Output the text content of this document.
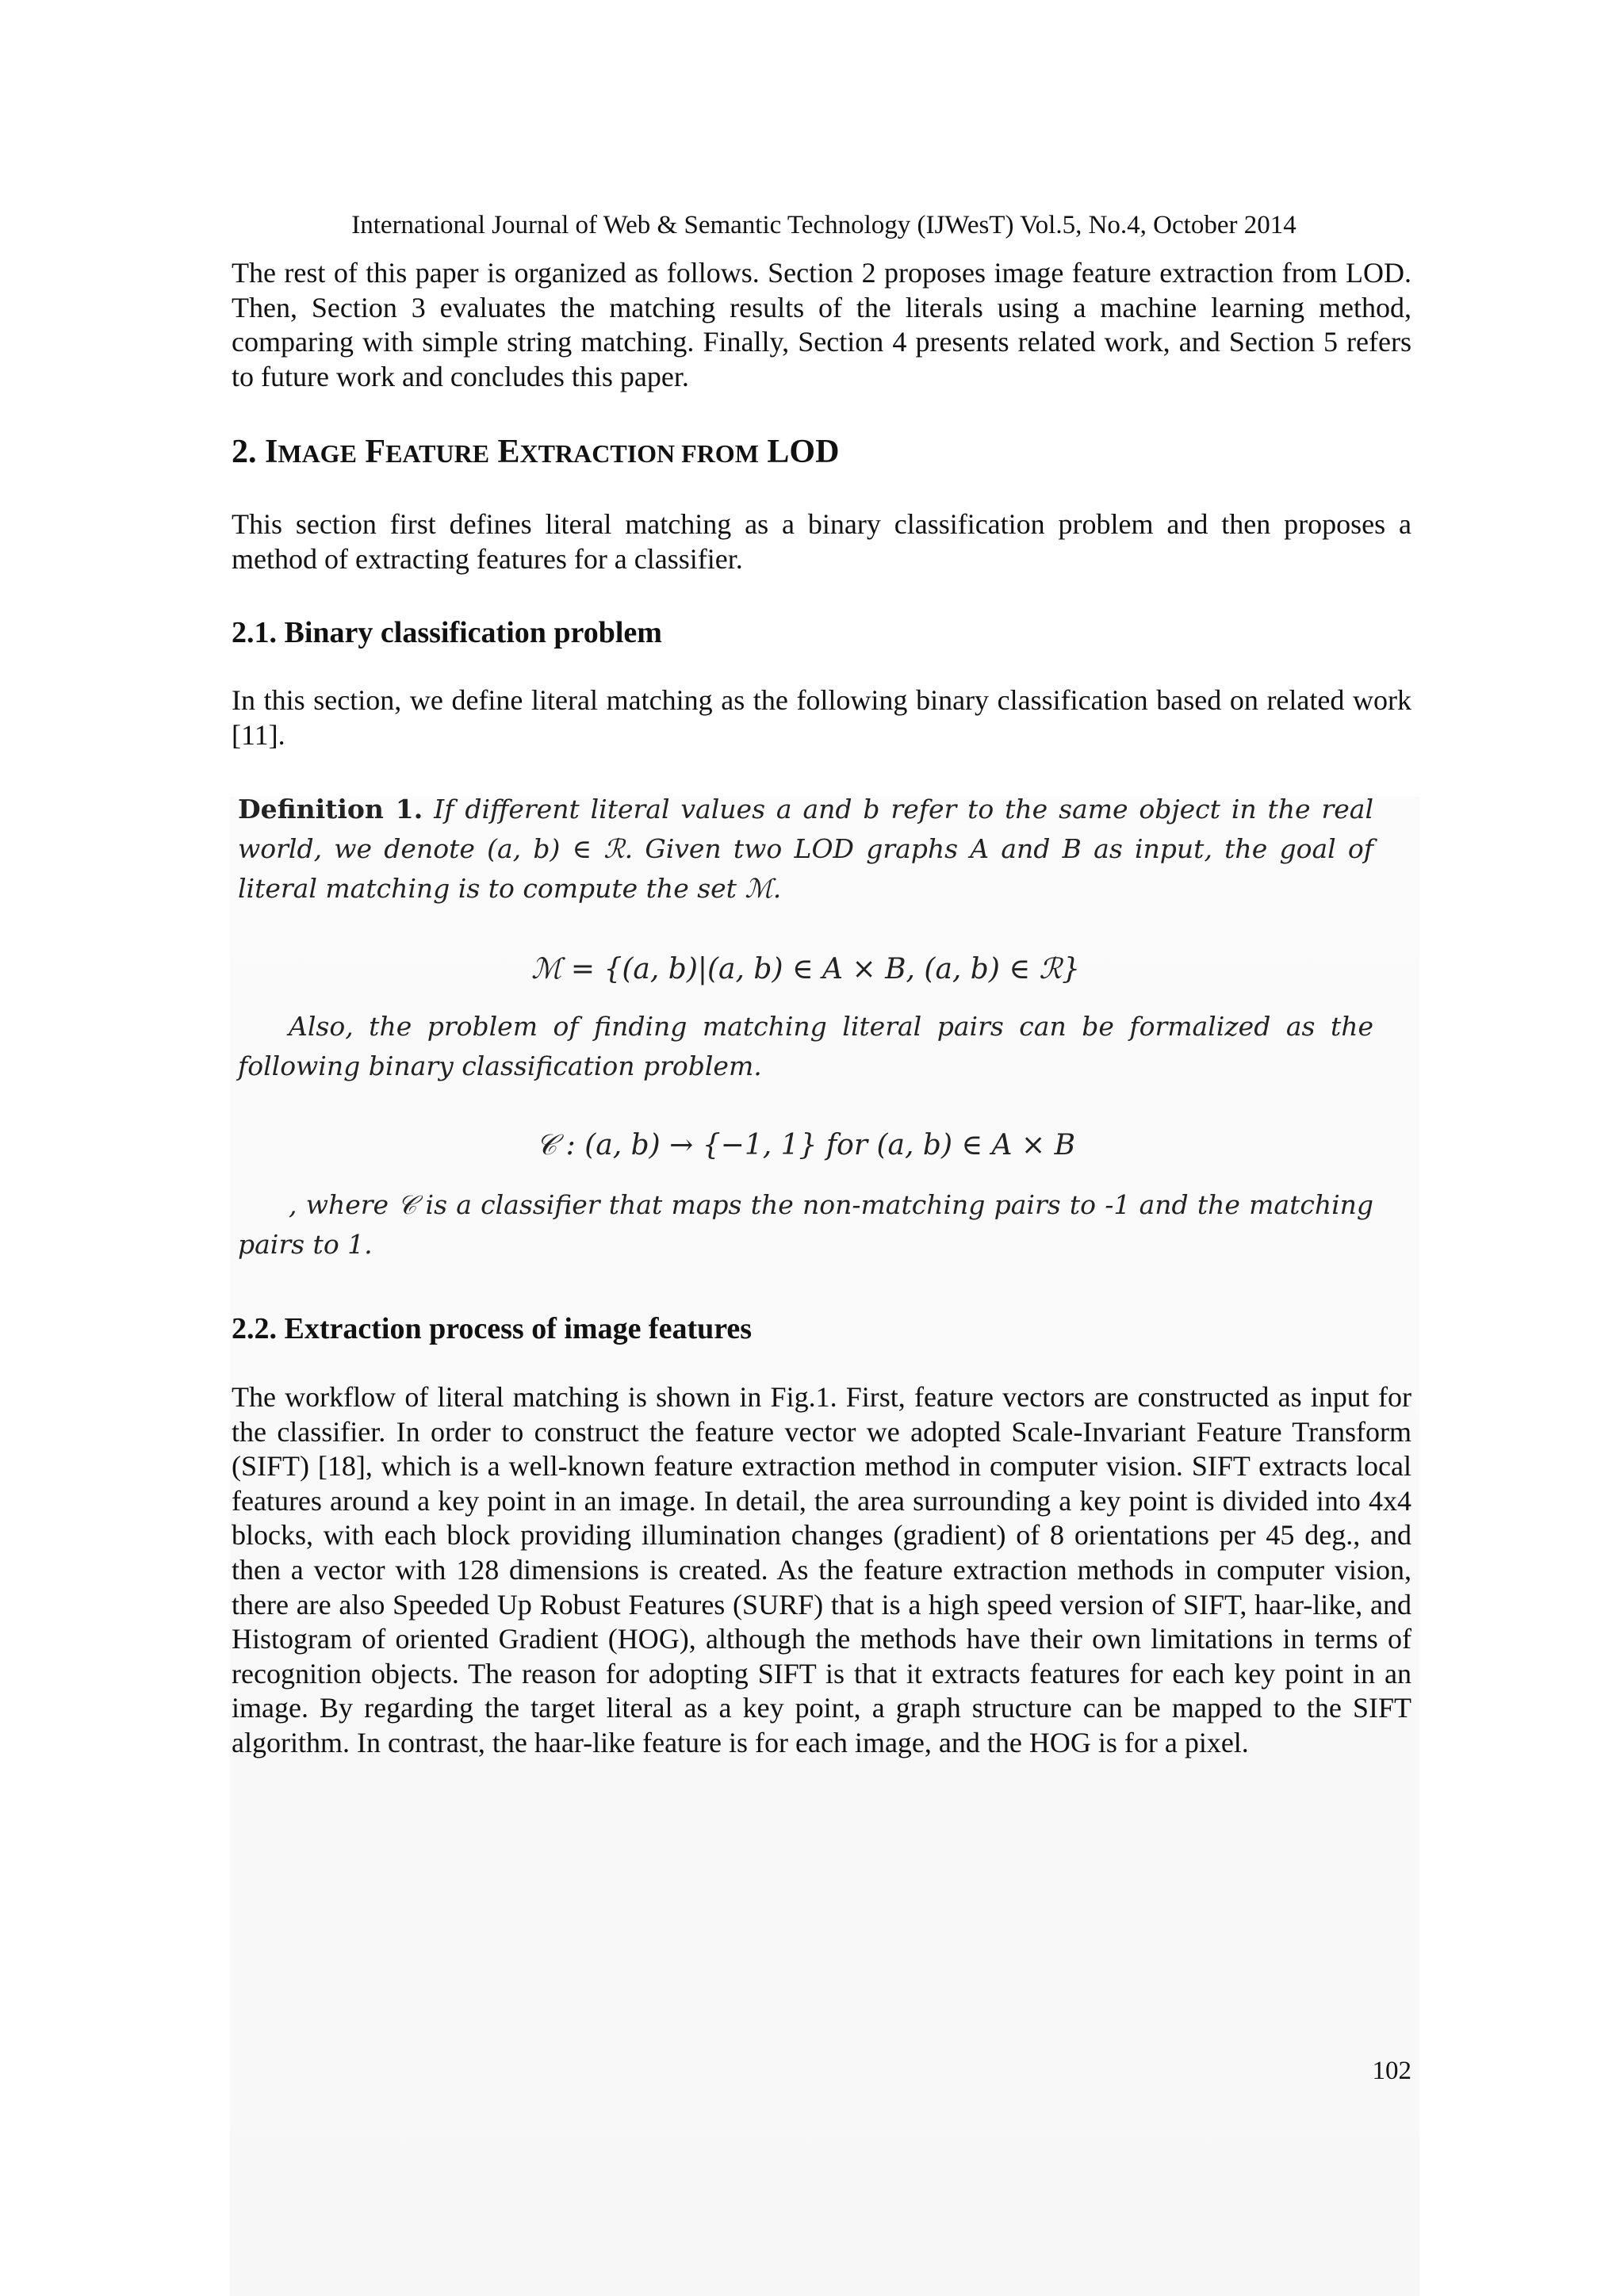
International Journal of Web & Semantic Technology (IJWesT) Vol.5, No.4, October 2014

The rest of this paper is organized as follows. Section 2 proposes image feature extraction from LOD. Then, Section 3 evaluates the matching results of the literals using a machine learning method, comparing with simple string matching. Finally, Section 4 presents related work, and Section 5 refers to future work and concludes this paper.

2. IMAGE FEATURE EXTRACTION FROM LOD

This section first defines literal matching as a binary classification problem and then proposes a method of extracting features for a classifier.

2.1. Binary classification problem

In this section, we define literal matching as the following binary classification based on related work [11].

Definition 1. If different literal values a and b refer to the same object in the real world, we denote (a, b) ∈ ℛ. Given two LOD graphs A and B as input, the goal of literal matching is to compute the set ℳ.
ℳ = {(a, b)|(a, b) ∈ A × B, (a, b) ∈ ℛ}
Also, the problem of finding matching literal pairs can be formalized as the following binary classification problem.
𝒞 : (a, b) → {−1, 1} for (a, b) ∈ A × B
, where 𝒞 is a classifier that maps the non-matching pairs to -1 and the matching pairs to 1.
2.2. Extraction process of image features

The workflow of literal matching is shown in Fig.1. First, feature vectors are constructed as input for the classifier. In order to construct the feature vector we adopted Scale-Invariant Feature Transform (SIFT) [18], which is a well-known feature extraction method in computer vision. SIFT extracts local features around a key point in an image. In detail, the area surrounding a key point is divided into 4x4 blocks, with each block providing illumination changes (gradient) of 8 orientations per 45 deg., and then a vector with 128 dimensions is created. As the feature extraction methods in computer vision, there are also Speeded Up Robust Features (SURF) that is a high speed version of SIFT, haar-like, and Histogram of oriented Gradient (HOG), although the methods have their own limitations in terms of recognition objects. The reason for adopting SIFT is that it extracts features for each key point in an image. By regarding the target literal as a key point, a graph structure can be mapped to the SIFT algorithm. In contrast, the haar-like feature is for each image, and the HOG is for a pixel.

102
